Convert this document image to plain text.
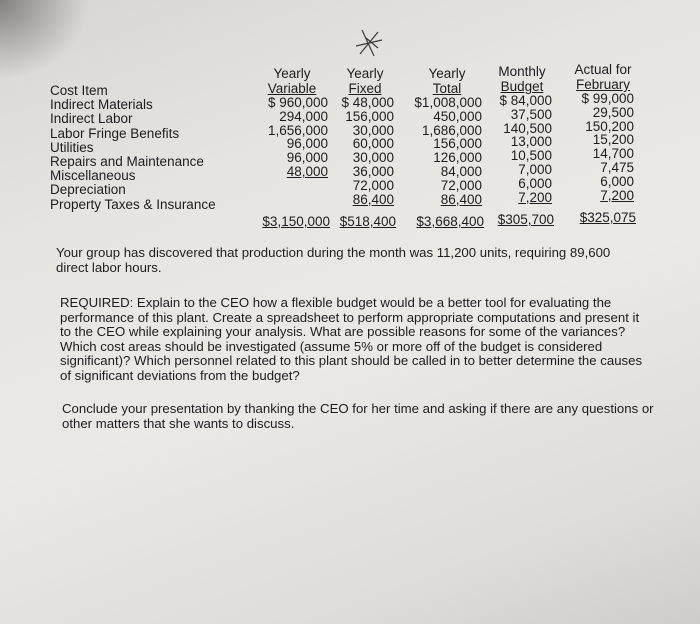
Cost Item
Indirect Materials
Indirect Labor
Labor Fringe Benefits
Utilities
Repairs and Maintenance
Miscellaneous
Depreciation
Property Taxes & Insurance
Yearly
Variable
$ 960,000
294,000
1,656,000
96,000
96,000
48,000
$3,150,000
Yearly
Fixed
$ 48,000
156,000
30,000
60,000
30,000
36,000
72,000
86,400
$518,400
Yearly
Total
$1,008,000
450,000
1,686,000
156,000
126,000
84,000
72,000
86,400
$3,668,400
Monthly
Budget
$ 84,000
37,500
140,500
13,000
10,500
7,000
6,000
7,200
$305,700
Actual for
February
$ 99,000
29,500
150,200
15,200
14,700
7,475
6,000
7,200
$325,075
Your group has discovered that production during the month was 11,200 units, requiring 89,600 direct labor hours.
REQUIRED: Explain to the CEO how a flexible budget would be a better tool for evaluating the performance of this plant. Create a spreadsheet to perform appropriate computations and present it to the CEO while explaining your analysis. What are possible reasons for some of the variances? Which cost areas should be investigated (assume 5% or more off of the budget is considered significant)? Which personnel related to this plant should be called in to better determine the causes of significant deviations from the budget?
Conclude your presentation by thanking the CEO for her time and asking if there are any questions or other matters that she wants to discuss.
